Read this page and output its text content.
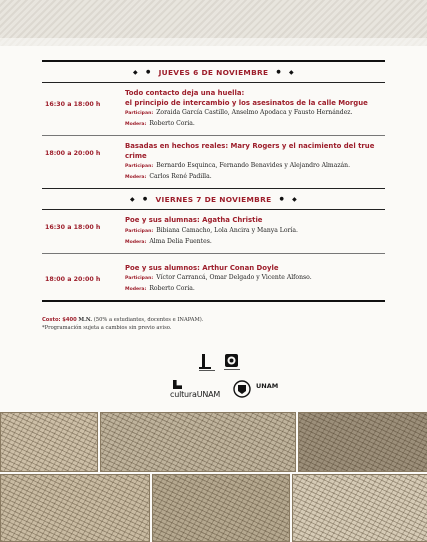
◆ ● JUEVES 6 DE NOVIEMBRE ● ◆
16:30 a 18:00 h
Todo contacto deja una huella:
el principio de intercambio y los asesinatos de la calle Morgue
Participan: Zoraida García Castillo, Anselmo Apodaca y Fausto Hernández.
Modera: Roberto Coria.
18:00 a 20:00 h
Basadas en hechos reales: Mary Rogers y el nacimiento del true crime
Participan: Bernardo Esquinca, Fernando Benavides y Alejandro Almazán.
Modera: Carlos René Padilla.
◆ ● VIERNES 7 DE NOVIEMBRE ● ◆
16:30 a 18:00 h
Poe y sus alumnas: Agatha Christie
Participan: Bibiana Camacho, Lola Ancira y Manya Loría.
Modera: Alma Delia Fuentes.
18:00 a 20:00 h
Poe y sus alumnos: Arthur Conan Doyle
Participan: Víctor Carrancá, Omar Delgado y Vicente Alfonso.
Modera: Roberto Coria.
Costo: $400 M.N. (50% a estudiantes, docentes e INAPAM).
*Programación sujeta a cambios sin previo aviso.
culturaUNAM
UNAM
